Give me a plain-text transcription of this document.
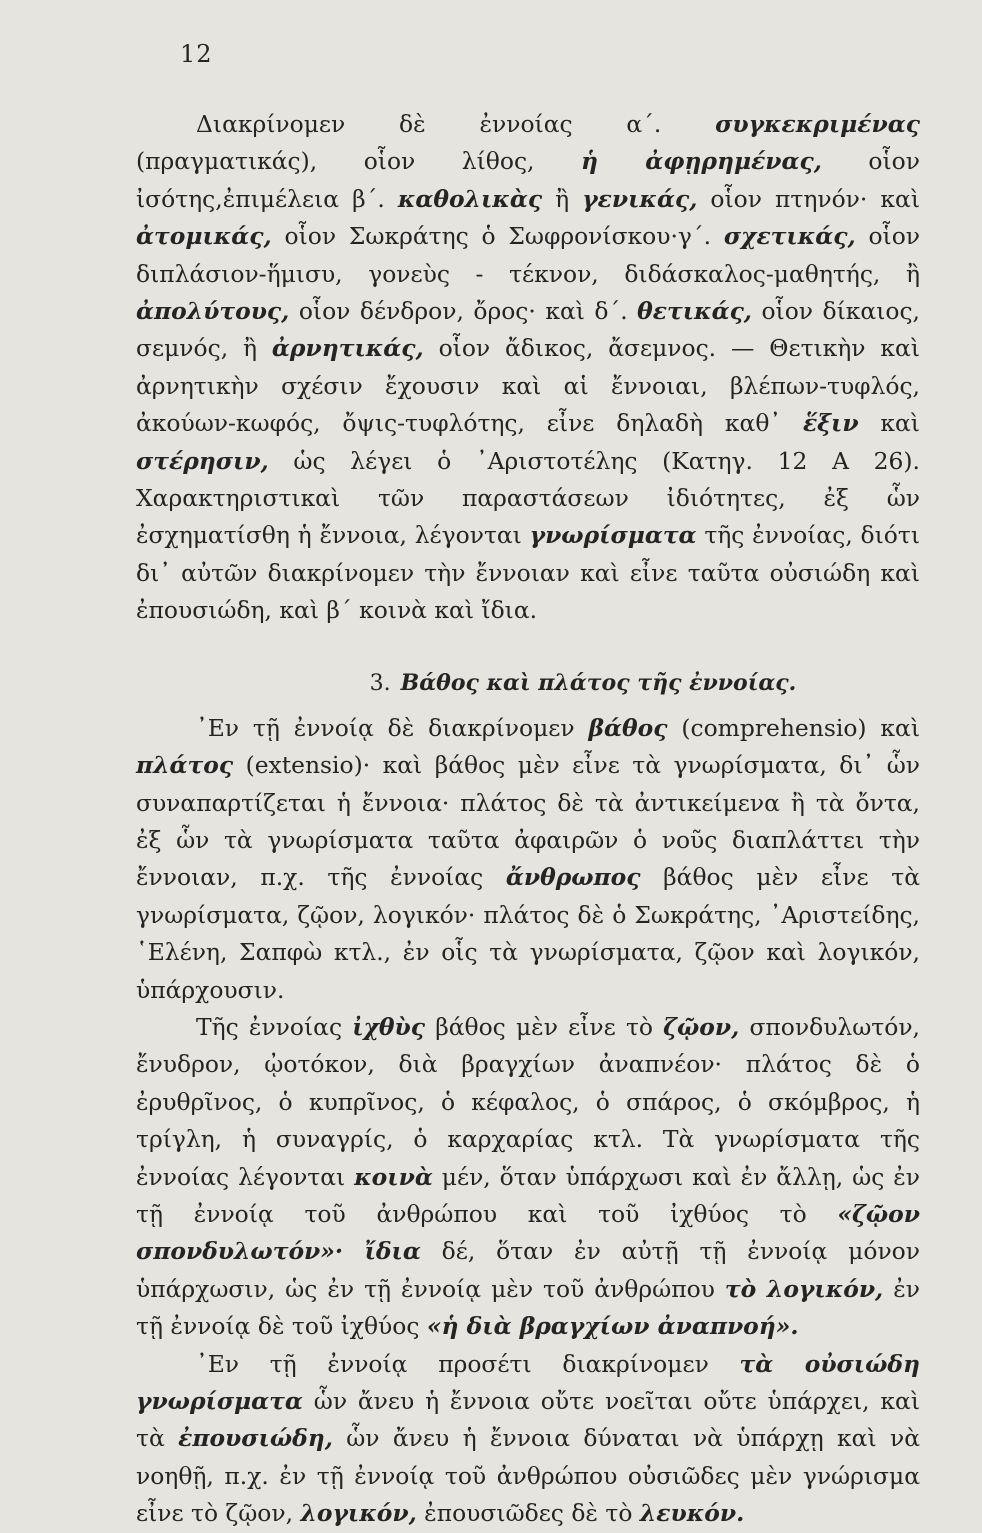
12

Διακρίνομεν δὲ ἐννοίας α΄. συγκεκριμένας (πραγματικάς), οἷον λίθος, ἡ ἀφῃρημένας, οἷον ἰσότης,ἐπιμέλεια β΄. καθολικὰς ἢ γενικάς, οἷον πτηνόν· καὶ ἀτομικάς, οἷον Σωκράτης ὁ Σωφρονίσκου·γ΄. σχετικάς, οἷον διπλάσιον-ἥμισυ, γονεὺς - τέκνον, διδάσκαλος-μαθητής, ἢ ἀπολύτους, οἷον δένδρον, ὄρος· καὶ δ΄. θετικάς, οἷον δίκαιος, σεμνός, ἢ ἀρνητικάς, οἷον ἄδικος, ἄσεμνος. — Θετικὴν καὶ ἀρνητικὴν σχέσιν ἔχουσιν καὶ αἱ ἔννοιαι, βλέπων-τυφλός, ἀκούων-κωφός, ὄψις-τυφλότης, εἶνε δηλαδὴ καθ᾽ ἕξιν καὶ στέρησιν, ὡς λέγει ὁ ᾽Αριστοτέλης (Κατηγ. 12 Α 26). Χαρακτηριστικαὶ τῶν παραστάσεων ἰδιότητες, ἐξ ὧν ἐσχηματίσθη ἡ ἔννοια, λέγονται γνωρίσματα τῆς ἐννοίας, διότι δι᾽ αὐτῶν διακρίνομεν τὴν ἔννοιαν καὶ εἶνε ταῦτα οὐσιώδη καὶ ἐπουσιώδη, καὶ β΄ κοινὰ καὶ ἴδια.

3. Βάθος καὶ πλάτος τῆς ἐννοίας.

᾽Εν τῇ ἐννοίᾳ δὲ διακρίνομεν βάθος (comprehensio) καὶ πλάτος (extensio)· καὶ βάθος μὲν εἶνε τὰ γνωρίσματα, δι᾽ ὧν συναπαρτίζεται ἡ ἔννοια· πλάτος δὲ τὰ ἀντικείμενα ἢ τὰ ὄντα, ἐξ ὧν τὰ γνωρίσματα ταῦτα ἀφαιρῶν ὁ νοῦς διαπλάττει τὴν ἔννοιαν, π.χ. τῆς ἐννοίας ἄνθρωπος βάθος μὲν εἶνε τὰ γνωρίσματα, ζῷον, λογικόν· πλάτος δὲ ὁ Σωκράτης, ᾽Αριστείδης, ῾Ελένη, Σαπφὼ κτλ., ἐν οἷς τὰ γνωρίσματα, ζῷον καὶ λογικόν, ὑπάρχουσιν.

Τῆς ἐννοίας ἰχθὺς βάθος μὲν εἶνε τὸ ζῷον, σπονδυλωτόν, ἔνυδρον, ᾠοτόκον, διὰ βραγχίων ἀναπνέον· πλάτος δὲ ὁ ἐρυθρῖνος, ὁ κυπρῖνος, ὁ κέφαλος, ὁ σπάρος, ὁ σκόμβρος, ἡ τρίγλη, ἡ συναγρίς, ὁ καρχαρίας κτλ. Τὰ γνωρίσματα τῆς ἐννοίας λέγονται κοινὰ μέν, ὅταν ὑπάρχωσι καὶ ἐν ἄλλῃ, ὡς ἐν τῇ ἐννοίᾳ τοῦ ἀνθρώπου καὶ τοῦ ἰχθύος τὸ «ζῷον σπονδυλωτόν»· ἴδια δέ, ὅταν ἐν αὐτῇ τῇ ἐννοίᾳ μόνον ὑπάρχωσιν, ὡς ἐν τῇ ἐννοίᾳ μὲν τοῦ ἀνθρώπου τὸ λογικόν, ἐν τῇ ἐννοίᾳ δὲ τοῦ ἰχθύος «ἡ διὰ βραγχίων ἀναπνοή».

᾽Εν τῇ ἐννοίᾳ προσέτι διακρίνομεν τὰ οὐσιώδη γνωρίσματα ὧν ἄνευ ἡ ἔννοια οὔτε νοεῖται οὔτε ὑπάρχει, καὶ τὰ ἐπουσιώδη, ὧν ἄνευ ἡ ἔννοια δύναται νὰ ὑπάρχῃ καὶ νὰ νοηθῇ, π.χ. ἐν τῇ ἐννοίᾳ τοῦ ἀνθρώπου οὐσιῶδες μὲν γνώρισμα εἶνε τὸ ζῷον, λογικόν, ἐπουσιῶδες δὲ τὸ λευκόν.
